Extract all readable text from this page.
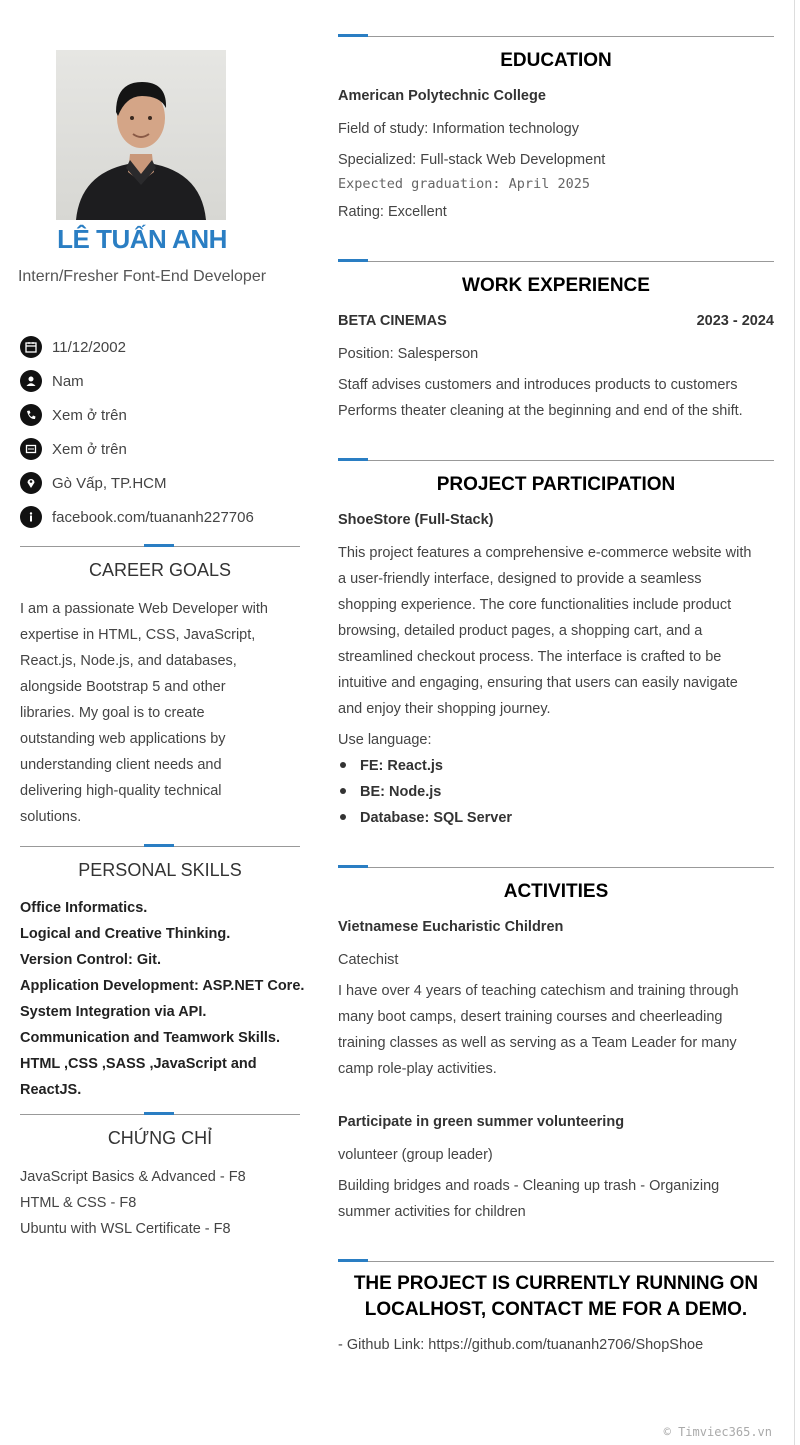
LÊ TUẤN ANH
Intern/Fresher Font-End Developer
11/12/2002
Nam
Xem ở trên
Xem ở trên
Gò Vấp, TP.HCM
facebook.com/tuananh227706
CAREER GOALS
I am a passionate Web Developer with
expertise in HTML, CSS, JavaScript,
React.js, Node.js, and databases,
alongside Bootstrap 5 and other
libraries. My goal is to create
outstanding web applications by
understanding client needs and
delivering high-quality technical
solutions.
PERSONAL SKILLS
Office Informatics.
Logical and Creative Thinking.
Version Control: Git.
Application Development: ASP.NET Core.
System Integration via API.
Communication and Teamwork Skills.
HTML ,CSS ,SASS ,JavaScript and
ReactJS.
CHỨNG CHỈ
JavaScript Basics & Advanced - F8
HTML & CSS - F8
Ubuntu with WSL Certificate - F8
EDUCATION
American Polytechnic College
Field of study: Information technology
Specialized: Full-stack Web Development
Expected graduation: April 2025
Rating: Excellent
WORK EXPERIENCE
BETA CINEMAS	2023 - 2024
Position: Salesperson
Staff advises customers and introduces products to customers
Performs theater cleaning at the beginning and end of the shift.
PROJECT PARTICIPATION
ShoeStore (Full-Stack)
This project features a comprehensive e-commerce website with
a user-friendly interface, designed to provide a seamless
shopping experience. The core functionalities include product
browsing, detailed product pages, a shopping cart, and a
streamlined checkout process. The interface is crafted to be
intuitive and engaging, ensuring that users can easily navigate
and enjoy their shopping journey.
Use language:
FE: React.js
BE: Node.js
Database: SQL Server
ACTIVITIES
Vietnamese Eucharistic Children
Catechist
I have over 4 years of teaching catechism and training through
many boot camps, desert training courses and cheerleading
training classes as well as serving as a Team Leader for many
camp role-play activities.
Participate in green summer volunteering
volunteer (group leader)
Building bridges and roads - Cleaning up trash - Organizing
summer activities for children
THE PROJECT IS CURRENTLY RUNNING ON
LOCALHOST, CONTACT ME FOR A DEMO.
- Github Link: https://github.com/tuananh2706/ShopShoe
© Timviec365.vn
